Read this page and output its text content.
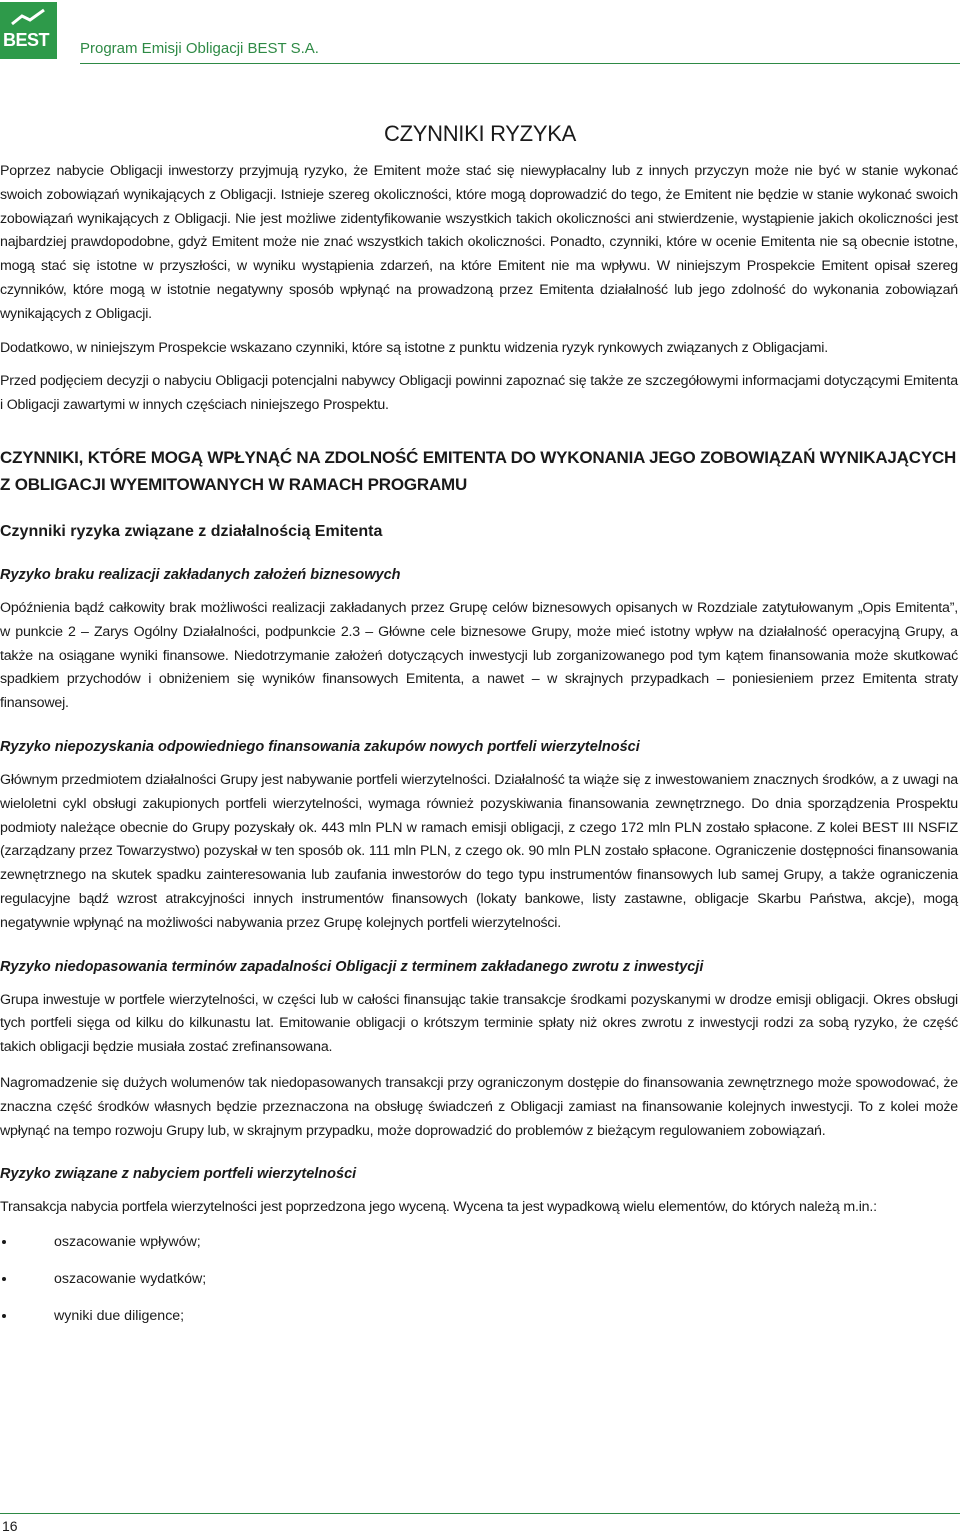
BEST Program Emisji Obligacji BEST S.A.
CZYNNIKI RYZYKA

Poprzez nabycie Obligacji inwestorzy przyjmują ryzyko, że Emitent może stać się niewypłacalny lub z innych przyczyn może nie być w stanie wykonać swoich zobowiązań wynikających z Obligacji. Istnieje szereg okoliczności, które mogą doprowadzić do tego, że Emitent nie będzie w stanie wykonać swoich zobowiązań wynikających z Obligacji. Nie jest możliwe zidentyfikowanie wszystkich takich okoliczności ani stwierdzenie, wystąpienie jakich okoliczności jest najbardziej prawdopodobne, gdyż Emitent może nie znać wszystkich takich okoliczności. Ponadto, czynniki, które w ocenie Emitenta nie są obecnie istotne, mogą stać się istotne w przyszłości, w wyniku wystąpienia zdarzeń, na które Emitent nie ma wpływu. W niniejszym Prospekcie Emitent opisał szereg czynników, które mogą w istotnie negatywny sposób wpłynąć na prowadzoną przez Emitenta działalność lub jego zdolność do wykonania zobowiązań wynikających z Obligacji.

Dodatkowo, w niniejszym Prospekcie wskazano czynniki, które są istotne z punktu widzenia ryzyk rynkowych związanych z Obligacjami.

Przed podjęciem decyzji o nabyciu Obligacji potencjalni nabywcy Obligacji powinni zapoznać się także ze szczegółowymi informacjami dotyczącymi Emitenta i Obligacji zawartymi w innych częściach niniejszego Prospektu.

CZYNNIKI, KTÓRE MOGĄ WPŁYNĄĆ NA ZDOLNOŚĆ EMITENTA DO WYKONANIA JEGO ZOBOWIĄZAŃ WYNIKAJĄCYCH Z OBLIGACJI WYEMITOWANYCH W RAMACH PROGRAMU
Czynniki ryzyka związane z działalnością Emitenta
Ryzyko braku realizacji zakładanych założeń biznesowych

Opóźnienia bądź całkowity brak możliwości realizacji zakładanych przez Grupę celów biznesowych opisanych w Rozdziale zatytułowanym „Opis Emitenta”, w punkcie 2 – Zarys Ogólny Działalności, podpunkcie 2.3 – Główne cele biznesowe Grupy, może mieć istotny wpływ na działalność operacyjną Grupy, a także na osiągane wyniki finansowe. Niedotrzymanie założeń dotyczących inwestycji lub zorganizowanego pod tym kątem finansowania może skutkować spadkiem przychodów i obniżeniem się wyników finansowych Emitenta, a nawet – w skrajnych przypadkach – poniesieniem przez Emitenta straty finansowej.

Ryzyko niepozyskania odpowiedniego finansowania zakupów nowych portfeli wierzytelności

Głównym przedmiotem działalności Grupy jest nabywanie portfeli wierzytelności. Działalność ta wiąże się z inwestowaniem znacznych środków, a z uwagi na wieloletni cykl obsługi zakupionych portfeli wierzytelności, wymaga również pozyskiwania finansowania zewnętrznego. Do dnia sporządzenia Prospektu podmioty należące obecnie do Grupy pozyskały ok. 443 mln PLN w ramach emisji obligacji, z czego 172 mln PLN zostało spłacone. Z kolei BEST III NSFIZ (zarządzany przez Towarzystwo) pozyskał w ten sposób ok. 111 mln PLN, z czego ok. 90 mln PLN zostało spłacone. Ograniczenie dostępności finansowania zewnętrznego na skutek spadku zainteresowania lub zaufania inwestorów do tego typu instrumentów finansowych lub samej Grupy, a także ograniczenia regulacyjne bądź wzrost atrakcyjności innych instrumentów finansowych (lokaty bankowe, listy zastawne, obligacje Skarbu Państwa, akcje), mogą negatywnie wpłynąć na możliwości nabywania przez Grupę kolejnych portfeli wierzytelności.

Ryzyko niedopasowania terminów zapadalności Obligacji z terminem zakładanego zwrotu z inwestycji

Grupa inwestuje w portfele wierzytelności, w części lub w całości finansując takie transakcje środkami pozyskanymi w drodze emisji obligacji. Okres obsługi tych portfeli sięga od kilku do kilkunastu lat. Emitowanie obligacji o krótszym terminie spłaty niż okres zwrotu z inwestycji rodzi za sobą ryzyko, że część takich obligacji będzie musiała zostać zrefinansowana.

Nagromadzenie się dużych wolumenów tak niedopasowanych transakcji przy ograniczonym dostępie do finansowania zewnętrznego może spowodować, że znaczna część środków własnych będzie przeznaczona na obsługę świadczeń z Obligacji zamiast na finansowanie kolejnych inwestycji. To z kolei może wpłynąć na tempo rozwoju Grupy lub, w skrajnym przypadku, może doprowadzić do problemów z bieżącym regulowaniem zobowiązań.

Ryzyko związane z nabyciem portfeli wierzytelności

Transakcja nabycia portfela wierzytelności jest poprzedzona jego wyceną. Wycena ta jest wypadkową wielu elementów, do których należą m.in.:

oszacowanie wpływów;
oszacowanie wydatków;
wyniki due diligence;
16
